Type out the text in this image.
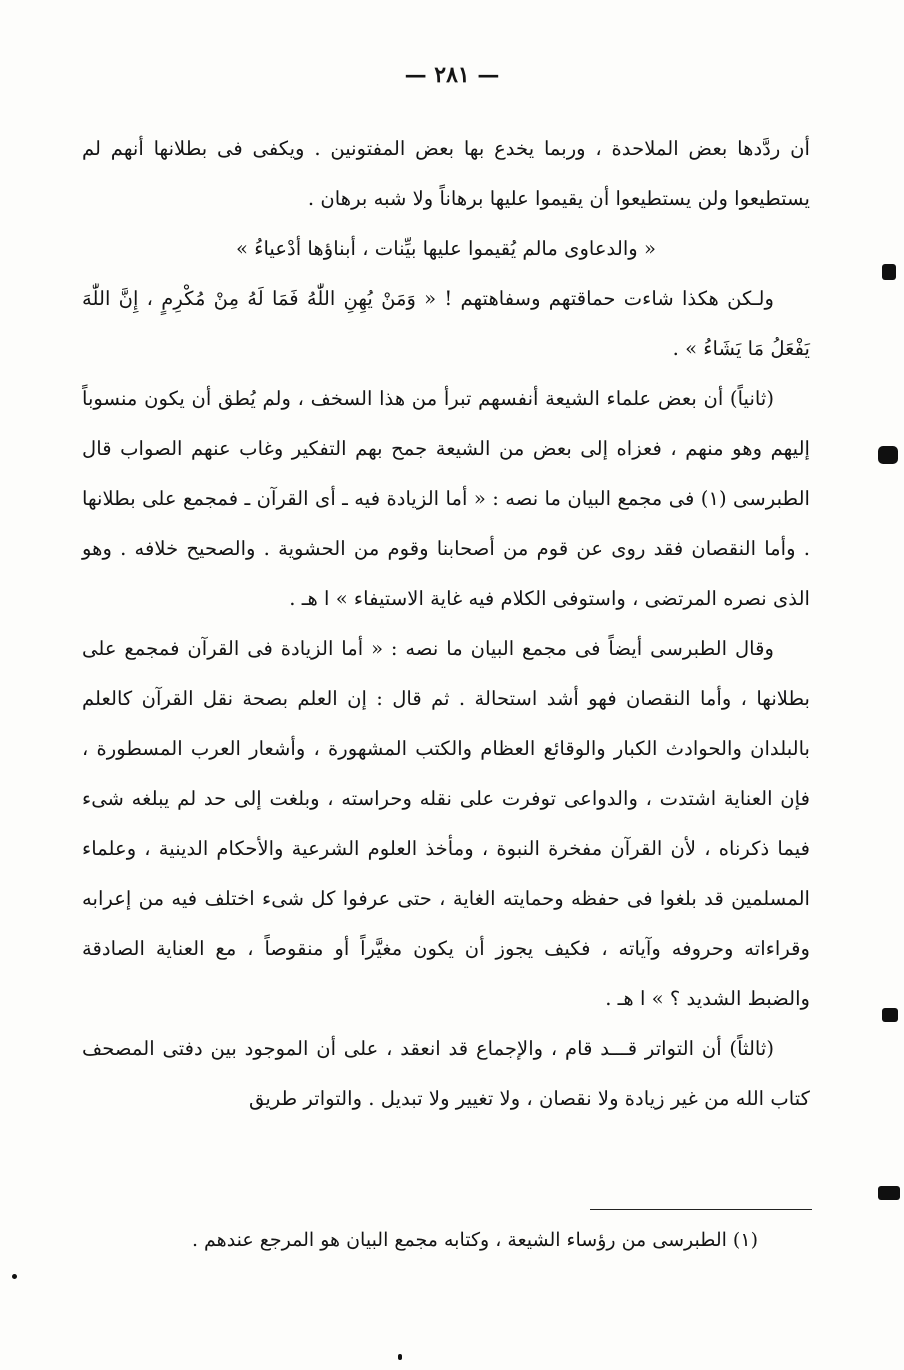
— ٢٨١ —

أن ردَّدها بعض الملاحدة ، وربما يخدع بها بعض المفتونين . ويكفى فى بطلانها أنهم لم يستطيعوا ولن يستطيعوا أن يقيموا عليها برهاناً ولا شبه برهان .

« والدعاوى مالم يُقيموا عليها بيِّنات ، أبناؤها أدْعياءُ »

ولـكن هكذا شاءت حماقتهم وسفاهتهم ! « وَمَنْ يُهِنِ اللّٰهُ فَمَا لَهُ مِنْ مُكْرِمٍ ، إِنَّ اللّٰهَ يَفْعَلُ مَا يَشَاءُ » .

(ثانياً) أن بعض علماء الشيعة أنفسهم تبرأ من هذا السخف ، ولم يُطق أن يكون منسوباً إليهم وهو منهم ، فعزاه إلى بعض من الشيعة جمح بهم التفكير وغاب عنهم الصواب قال الطبرسى (١) فى مجمع البيان ما نصه : « أما الزيادة فيه ـ أى القرآن ـ فمجمع على بطلانها . وأما النقصان فقد روى عن قوم من أصحابنا وقوم من الحشوية . والصحيح خلافه . وهو الذى نصره المرتضى ، واستوفى الكلام فيه غاية الاستيفاء » ا هـ .

وقال الطبرسى أيضاً فى مجمع البيان ما نصه : « أما الزيادة فى القرآن فمجمع على بطلانها ، وأما النقصان فهو أشد استحالة . ثم قال : إن العلم بصحة نقل القرآن كالعلم بالبلدان والحوادث الكبار والوقائع العظام والكتب المشهورة ، وأشعار العرب المسطورة ، فإن العناية اشتدت ، والدواعى توفرت على نقله وحراسته ، وبلغت إلى حد لم يبلغه شىء فيما ذكرناه ، لأن القرآن مفخرة النبوة ، ومأخذ العلوم الشرعية والأحكام الدينية ، وعلماء المسلمين قد بلغوا فى حفظه وحمايته الغاية ، حتى عرفوا كل شىء اختلف فيه من إعرابه وقراءاته وحروفه وآياته ، فكيف يجوز أن يكون مغيَّراً أو منقوصاً ، مع العناية الصادقة والضبط الشديد ؟ » ا هـ .

(ثالثاً) أن التواتر قـــد قام ، والإجماع قد انعقد ، على أن الموجود بين دفتى المصحف كتاب الله من غير زيادة ولا نقصان ، ولا تغيير ولا تبديل . والتواتر طريق

(١) الطبرسى من رؤساء الشيعة ، وكتابه مجمع البيان هو المرجع عندهم .
